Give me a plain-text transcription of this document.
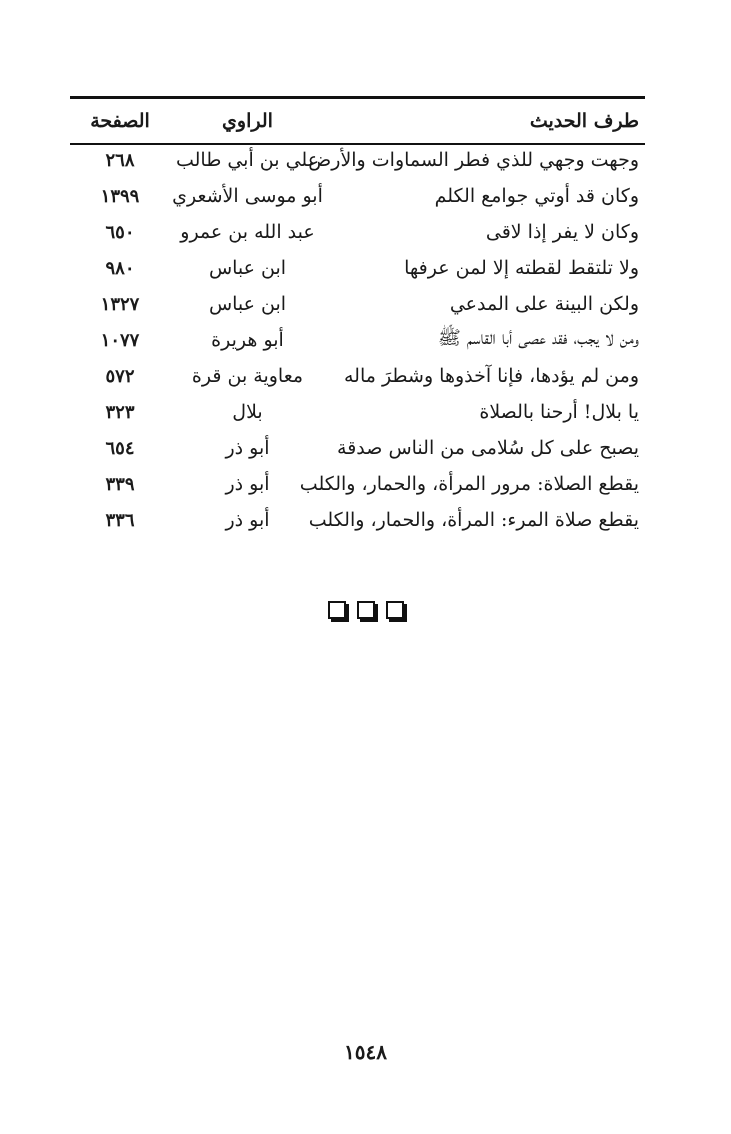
طرف الحديث	الراوي	الصفحة
وجهت وجهي للذي فطر السماوات والأرض	علي بن أبي طالب	٢٦٨
وكان قد أوتي جوامع الكلم	أبو موسى الأشعري	١٣٩٩
وكان لا يفر إذا لاقى	عبد الله بن عمرو	٦٥٠
ولا تلتقط لقطته إلا لمن عرفها	ابن عباس	٩٨٠
ولكن البينة على المدعي	ابن عباس	١٣٢٧
ومن لا يجب، فقد عصى أبا القاسم ﷺ	أبو هريرة	١٠٧٧
ومن لم يؤدها، فإنا آخذوها وشطرَ ماله	معاوية بن قرة	٥٧٢
يا بلال! أرحنا بالصلاة	بلال	٣٢٣
يصبح على كل سُلامى من الناس صدقة	أبو ذر	٦٥٤
يقطع الصلاة: مرور المرأة، والحمار، والكلب	أبو ذر	٣٣٩
يقطع صلاة المرء: المرأة، والحمار، والكلب	أبو ذر	٣٣٦
١٥٤٨
